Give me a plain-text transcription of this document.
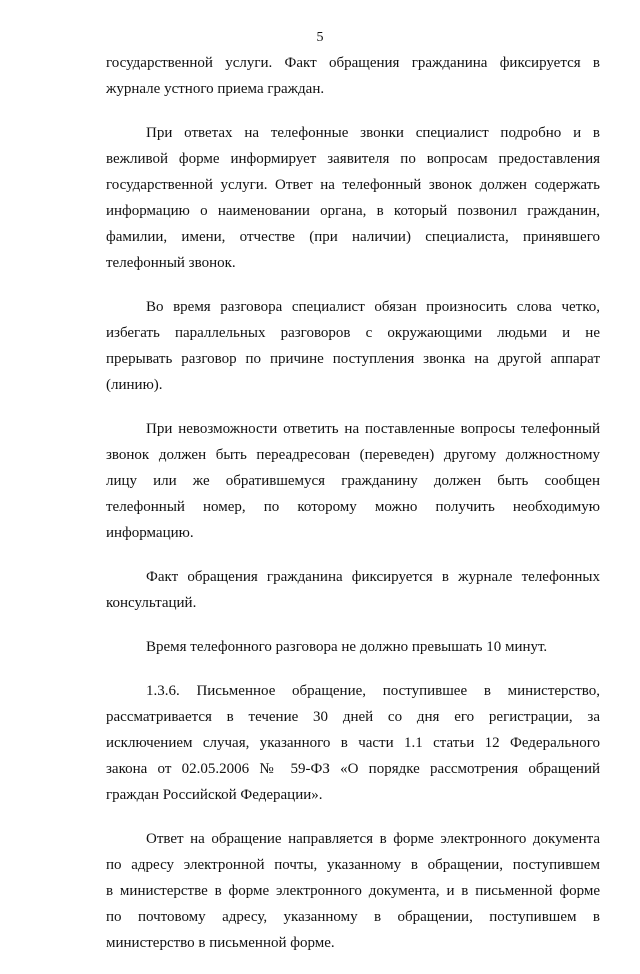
5
государственной услуги. Факт обращения гражданина фиксируется в
журнале устного приема граждан.
При ответах на телефонные звонки специалист подробно и в
вежливой форме информирует заявителя по вопросам предоставления
государственной услуги. Ответ на телефонный звонок должен содержать
информацию о наименовании органа, в который позвонил гражданин,
фамилии, имени, отчестве (при наличии) специалиста, принявшего
телефонный звонок.
Во время разговора специалист обязан произносить слова четко,
избегать параллельных разговоров с окружающими людьми и не
прерывать разговор по причине поступления звонка на другой аппарат
(линию).
При невозможности ответить на поставленные вопросы телефонный
звонок должен быть переадресован (переведен) другому должностному
лицу или же обратившемуся гражданину должен быть сообщен
телефонный номер, по которому можно получить необходимую
информацию.
Факт обращения гражданина фиксируется в журнале телефонных
консультаций.
Время телефонного разговора не должно превышать 10 минут.
1.3.6. Письменное обращение, поступившее в министерство,
рассматривается в течение 30 дней со дня его регистрации, за
исключением случая, указанного в части 1.1 статьи 12 Федерального
закона от 02.05.2006 № 59-ФЗ «О порядке рассмотрения обращений
граждан Российской Федерации».
Ответ на обращение направляется в форме электронного документа
по адресу электронной почты, указанному в обращении, поступившем
в министерстве в форме электронного документа, и в письменной форме
по почтовому адресу, указанному в обращении, поступившем в
министерство в письменной форме.
